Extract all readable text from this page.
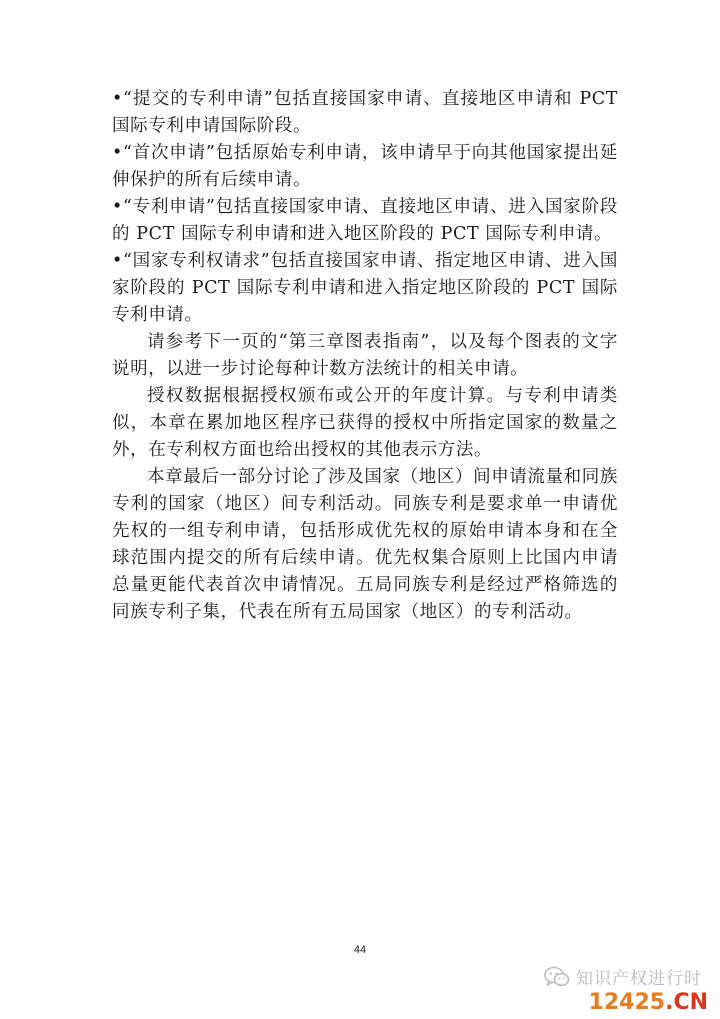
•“提交的专利申请”包括直接国家申请、直接地区申请和 PCT 国际专利申请国际阶段。

•“首次申请”包括原始专利申请，该申请早于向其他国家提出延伸保护的所有后续申请。

•“专利申请”包括直接国家申请、直接地区申请、进入国家阶段的 PCT 国际专利申请和进入地区阶段的 PCT 国际专利申请。

•“国家专利权请求”包括直接国家申请、指定地区申请、进入国家阶段的 PCT 国际专利申请和进入指定地区阶段的 PCT 国际专利申请。

请参考下一页的“第三章图表指南”，以及每个图表的文字说明，以进一步讨论每种计数方法统计的相关申请。

授权数据根据授权颁布或公开的年度计算。与专利申请类似，本章在累加地区程序已获得的授权中所指定国家的数量之外，在专利权方面也给出授权的其他表示方法。

本章最后一部分讨论了涉及国家（地区）间申请流量和同族专利的国家（地区）间专利活动。同族专利是要求单一申请优先权的一组专利申请，包括形成优先权的原始申请本身和在全球范围内提交的所有后续申请。优先权集合原则上比国内申请总量更能代表首次申请情况。五局同族专利是经过严格筛选的同族专利子集，代表在所有五局国家（地区）的专利活动。

44
知识产权进行时
12425.CN
